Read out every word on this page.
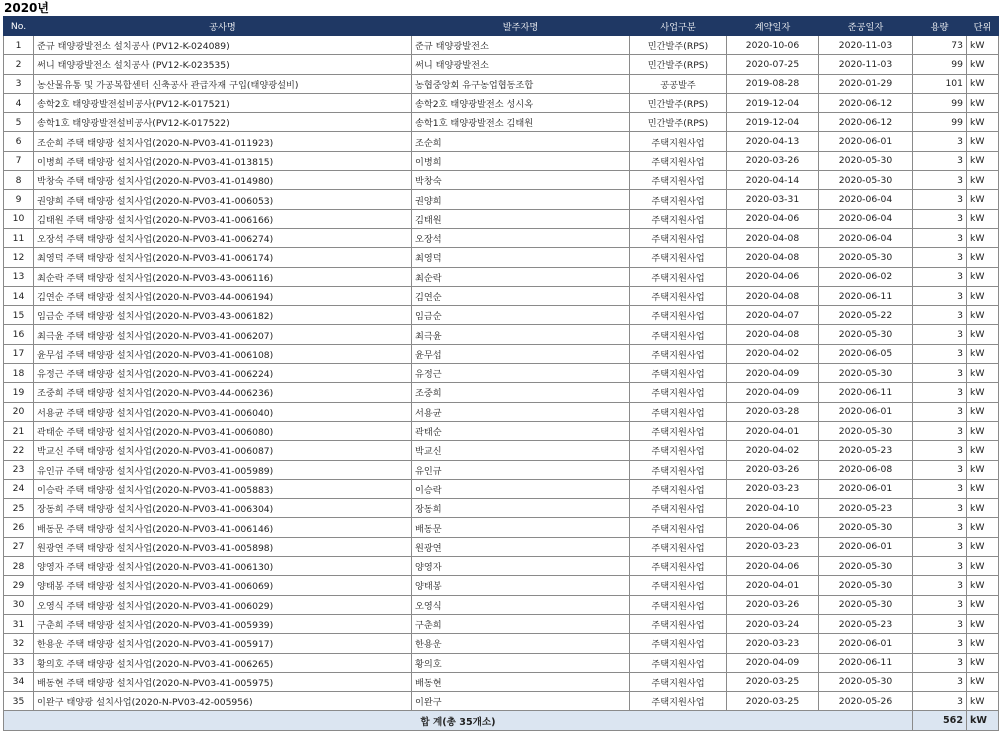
2020년
No.	공사명	발주자명	사업구분	계약일자	준공일자	용량	단위
1	준규 태양광발전소 설치공사 (PV12-K-024089)	준규 태양광발전소	민간발주(RPS)	2020-10-06	2020-11-03	73	kW
2	써니 태양광발전소 설치공사 (PV12-K-023535)	써니 태양광발전소	민간발주(RPS)	2020-07-25	2020-11-03	99	kW
3	농산물유통 및 가공복합센터 신축공사 관급자재 구입(태양광설비)	농협중앙회 유구농업협동조합	공공발주	2019-08-28	2020-01-29	101	kW
4	송학2호 태양광발전설비공사(PV12-K-017521)	송학2호 태양광발전소 성시옥	민간발주(RPS)	2019-12-04	2020-06-12	99	kW
5	송학1호 태양광발전설비공사(PV12-K-017522)	송학1호 태양광발전소 김태원	민간발주(RPS)	2019-12-04	2020-06-12	99	kW
6	조순희 주택 태양광 설치사업(2020-N-PV03-41-011923)	조순희	주택지원사업	2020-04-13	2020-06-01	3	kW
7	이병희 주택 태양광 설치사업(2020-N-PV03-41-013815)	이병희	주택지원사업	2020-03-26	2020-05-30	3	kW
8	박창숙 주택 태양광 설치사업(2020-N-PV03-41-014980)	박창숙	주택지원사업	2020-04-14	2020-05-30	3	kW
9	권양희 주택 태양광 설치사업(2020-N-PV03-41-006053)	권양희	주택지원사업	2020-03-31	2020-06-04	3	kW
10	김태원 주택 태양광 설치사업(2020-N-PV03-41-006166)	김태원	주택지원사업	2020-04-06	2020-06-04	3	kW
11	오장석 주택 태양광 설치사업(2020-N-PV03-41-006274)	오장석	주택지원사업	2020-04-08	2020-06-04	3	kW
12	최영덕 주택 태양광 설치사업(2020-N-PV03-41-006174)	최영덕	주택지원사업	2020-04-08	2020-05-30	3	kW
13	최순락 주택 태양광 설치사업(2020-N-PV03-43-006116)	최순락	주택지원사업	2020-04-06	2020-06-02	3	kW
14	김연순 주택 태양광 설치사업(2020-N-PV03-44-006194)	김연순	주택지원사업	2020-04-08	2020-06-11	3	kW
15	임금순 주택 태양광 설치사업(2020-N-PV03-43-006182)	임금순	주택지원사업	2020-04-07	2020-05-22	3	kW
16	최극윤 주택 태양광 설치사업(2020-N-PV03-41-006207)	최극윤	주택지원사업	2020-04-08	2020-05-30	3	kW
17	윤무섭 주택 태양광 설치사업(2020-N-PV03-41-006108)	윤무섭	주택지원사업	2020-04-02	2020-06-05	3	kW
18	유정근 주택 태양광 설치사업(2020-N-PV03-41-006224)	유정근	주택지원사업	2020-04-09	2020-05-30	3	kW
19	조중희 주택 태양광 설치사업(2020-N-PV03-44-006236)	조중희	주택지원사업	2020-04-09	2020-06-11	3	kW
20	서용균 주택 태양광 설치사업(2020-N-PV03-41-006040)	서용균	주택지원사업	2020-03-28	2020-06-01	3	kW
21	곽태순 주택 태양광 설치사업(2020-N-PV03-41-006080)	곽태순	주택지원사업	2020-04-01	2020-05-30	3	kW
22	박교신 주택 태양광 설치사업(2020-N-PV03-41-006087)	박교신	주택지원사업	2020-04-02	2020-05-23	3	kW
23	유인규 주택 태양광 설치사업(2020-N-PV03-41-005989)	유인규	주택지원사업	2020-03-26	2020-06-08	3	kW
24	이승락 주택 태양광 설치사업(2020-N-PV03-41-005883)	이승락	주택지원사업	2020-03-23	2020-06-01	3	kW
25	장동희 주택 태양광 설치사업(2020-N-PV03-41-006304)	장동희	주택지원사업	2020-04-10	2020-05-23	3	kW
26	배동문 주택 태양광 설치사업(2020-N-PV03-41-006146)	배동문	주택지원사업	2020-04-06	2020-05-30	3	kW
27	원광연 주택 태양광 설치사업(2020-N-PV03-41-005898)	원광연	주택지원사업	2020-03-23	2020-06-01	3	kW
28	양영자 주택 태양광 설치사업(2020-N-PV03-41-006130)	양영자	주택지원사업	2020-04-06	2020-05-30	3	kW
29	양태봉 주택 태양광 설치사업(2020-N-PV03-41-006069)	양태봉	주택지원사업	2020-04-01	2020-05-30	3	kW
30	오영식 주택 태양광 설치사업(2020-N-PV03-41-006029)	오영식	주택지원사업	2020-03-26	2020-05-30	3	kW
31	구춘희 주택 태양광 설치사업(2020-N-PV03-41-005939)	구춘희	주택지원사업	2020-03-24	2020-05-23	3	kW
32	한용운 주택 태양광 설치사업(2020-N-PV03-41-005917)	한용운	주택지원사업	2020-03-23	2020-06-01	3	kW
33	황의호 주택 태양광 설치사업(2020-N-PV03-41-006265)	황의호	주택지원사업	2020-04-09	2020-06-11	3	kW
34	배동현 주택 태양광 설치사업(2020-N-PV03-41-005975)	배동현	주택지원사업	2020-03-25	2020-05-30	3	kW
35	이완구 태양광 설치사업(2020-N-PV03-42-005956)	이완구	주택지원사업	2020-03-25	2020-05-26	3	kW
합 계(총 35개소)						562	kW
